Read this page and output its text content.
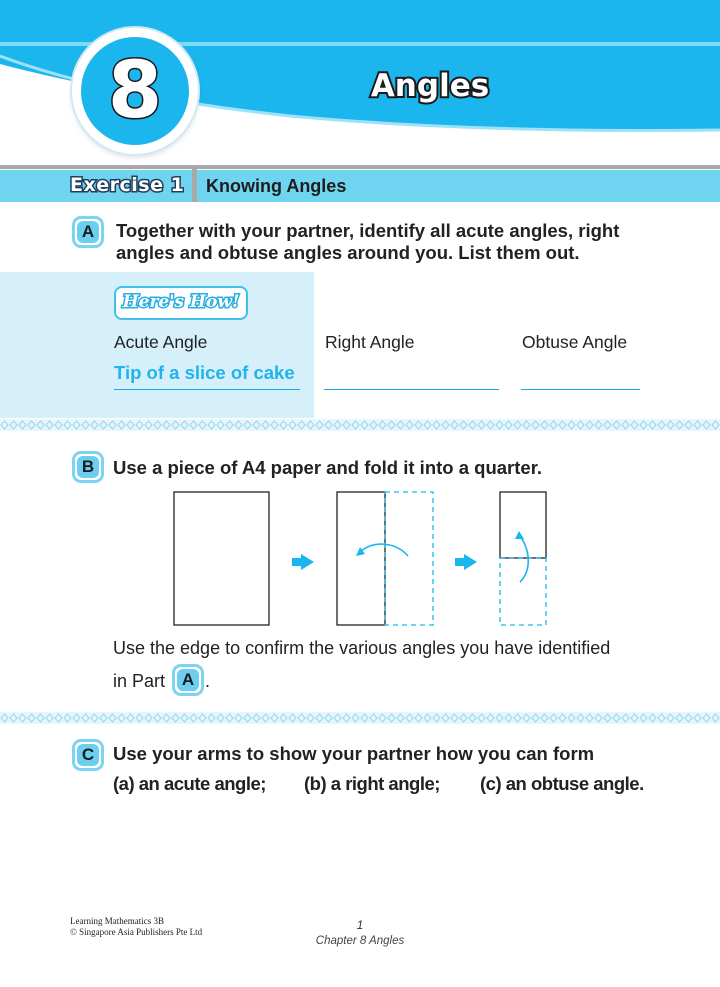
8	Angles
Exercise 1 Knowing Angles
A Together with your partner, identify all acute angles, right
angles and obtuse angles around you. List them out.
Here's How!
Acute Angle	Right Angle	Obtuse Angle
Tip of a slice of cake
B Use a piece of A4 paper and fold it into a quarter.
Use the edge to confirm the various angles you have identified
in Part A .
C Use your arms to show your partner how you can form
(a) an acute angle; (b) a right angle; (c) an obtuse angle.
Learning Mathematics 3B
© Singapore Asia Publishers Pte Ltd	1
Chapter 8 Angles
